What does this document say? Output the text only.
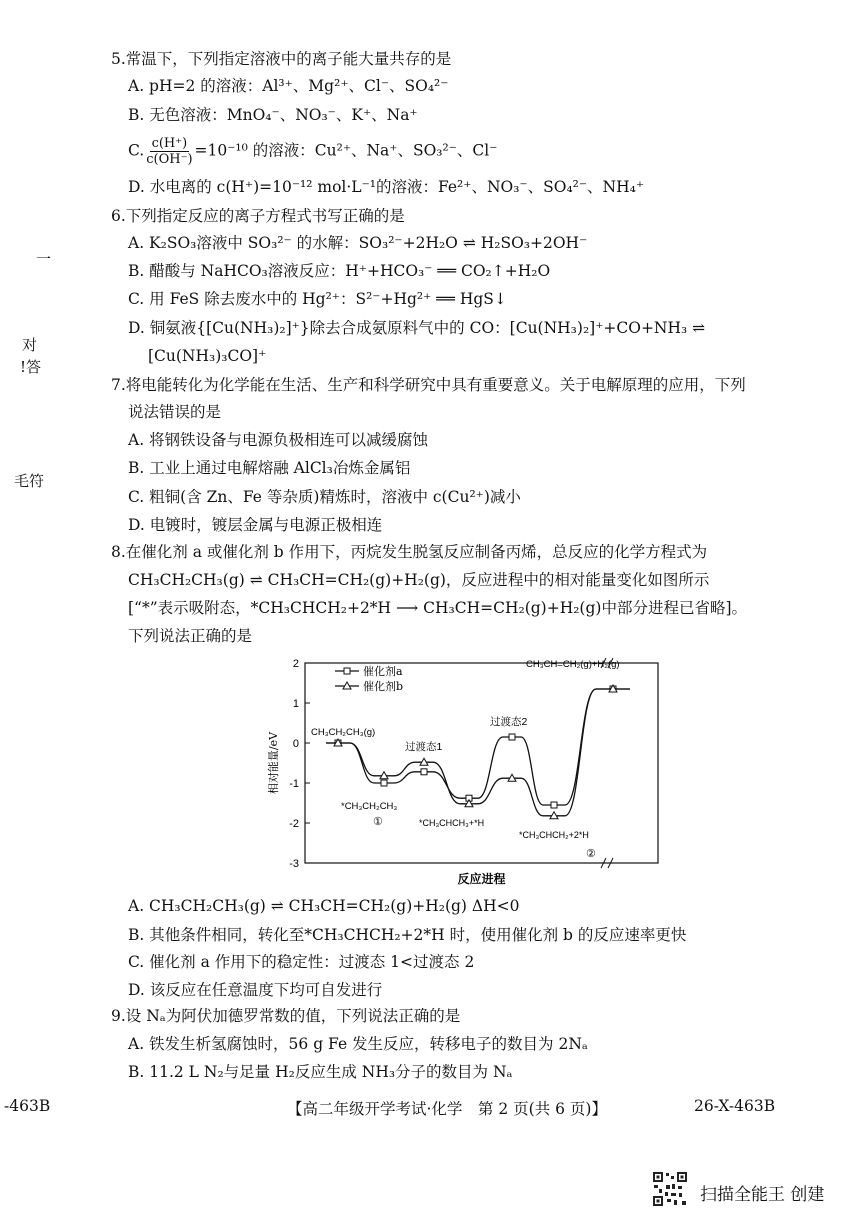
一
对
!答
毛符
5.常温下，下列指定溶液中的离子能大量共存的是
A. pH=2 的溶液：Al³⁺、Mg²⁺、Cl⁻、SO₄²⁻
B. 无色溶液：MnO₄⁻、NO₃⁻、K⁺、Na⁺
C. $\frac{c(H^+)}{c(OH^-)} =10^{-10}$ 的溶液：Cu²⁺、Na⁺、SO₃²⁻、Cl⁻
D. 水电离的 c(H⁺)=10⁻¹² mol·L⁻¹的溶液：Fe²⁺、NO₃⁻、SO₄²⁻、NH₄⁺
6.下列指定反应的离子方程式书写正确的是
A. K₂SO₃溶液中 SO₃²⁻ 的水解：SO₃²⁻+2H₂O ⇌ H₂SO₃+2OH⁻
B. 醋酸与 NaHCO₃溶液反应：H⁺+HCO₃⁻ ══ CO₂↑+H₂O
C. 用 FeS 除去废水中的 Hg²⁺：S²⁻+Hg²⁺ ══ HgS↓
D. 铜氨液{[Cu(NH₃)₂]⁺}除去合成氨原料气中的 CO：[Cu(NH₃)₂]⁺+CO+NH₃ ⇌
[Cu(NH₃)₃CO]⁺
7.将电能转化为化学能在生活、生产和科学研究中具有重要意义。关于电解原理的应用，下列
说法错误的是
A. 将钢铁设备与电源负极相连可以减缓腐蚀
B. 工业上通过电解熔融 AlCl₃冶炼金属铝
C. 粗铜(含 Zn、Fe 等杂质)精炼时，溶液中 c(Cu²⁺)减小
D. 电镀时，镀层金属与电源正极相连
8.在催化剂 a 或催化剂 b 作用下，丙烷发生脱氢反应制备丙烯，总反应的化学方程式为
CH₃CH₂CH₃(g) ⇌ CH₃CH=CH₂(g)+H₂(g)，反应进程中的相对能量变化如图所示
[“*”表示吸附态，*CH₃CHCH₂+2*H ⟶ CH₃CH=CH₂(g)+H₂(g)中部分进程已省略]。
下列说法正确的是
2
1
0
-1
-2
-3
相对能量/eV
反应进程
催化剂a
催化剂b
CH₃CH₂CH₃(g)
*CH₃CH₂CH₃
①
过渡态1
*CH₃CHCH₃+*H
过渡态2
*CH₃CHCH₂+2*H
②
CH₃CH=CH₂(g)+H₂(g)
A. CH₃CH₂CH₃(g) ⇌ CH₃CH=CH₂(g)+H₂(g) ΔH<0
B. 其他条件相同，转化至*CH₃CHCH₂+2*H 时，使用催化剂 b 的反应速率更快
C. 催化剂 a 作用下的稳定性：过渡态 1<过渡态 2
D. 该反应在任意温度下均可自发进行
9.设 Nₐ为阿伏加德罗常数的值，下列说法正确的是
A. 铁发生析氢腐蚀时，56 g Fe 发生反应，转移电子的数目为 2Nₐ
B. 11.2 L N₂与足量 H₂反应生成 NH₃分子的数目为 Nₐ
-463B	【高二年级开学考试·化学　第 2 页(共 6 页)】	26-X-463B
扫描全能王 创建
